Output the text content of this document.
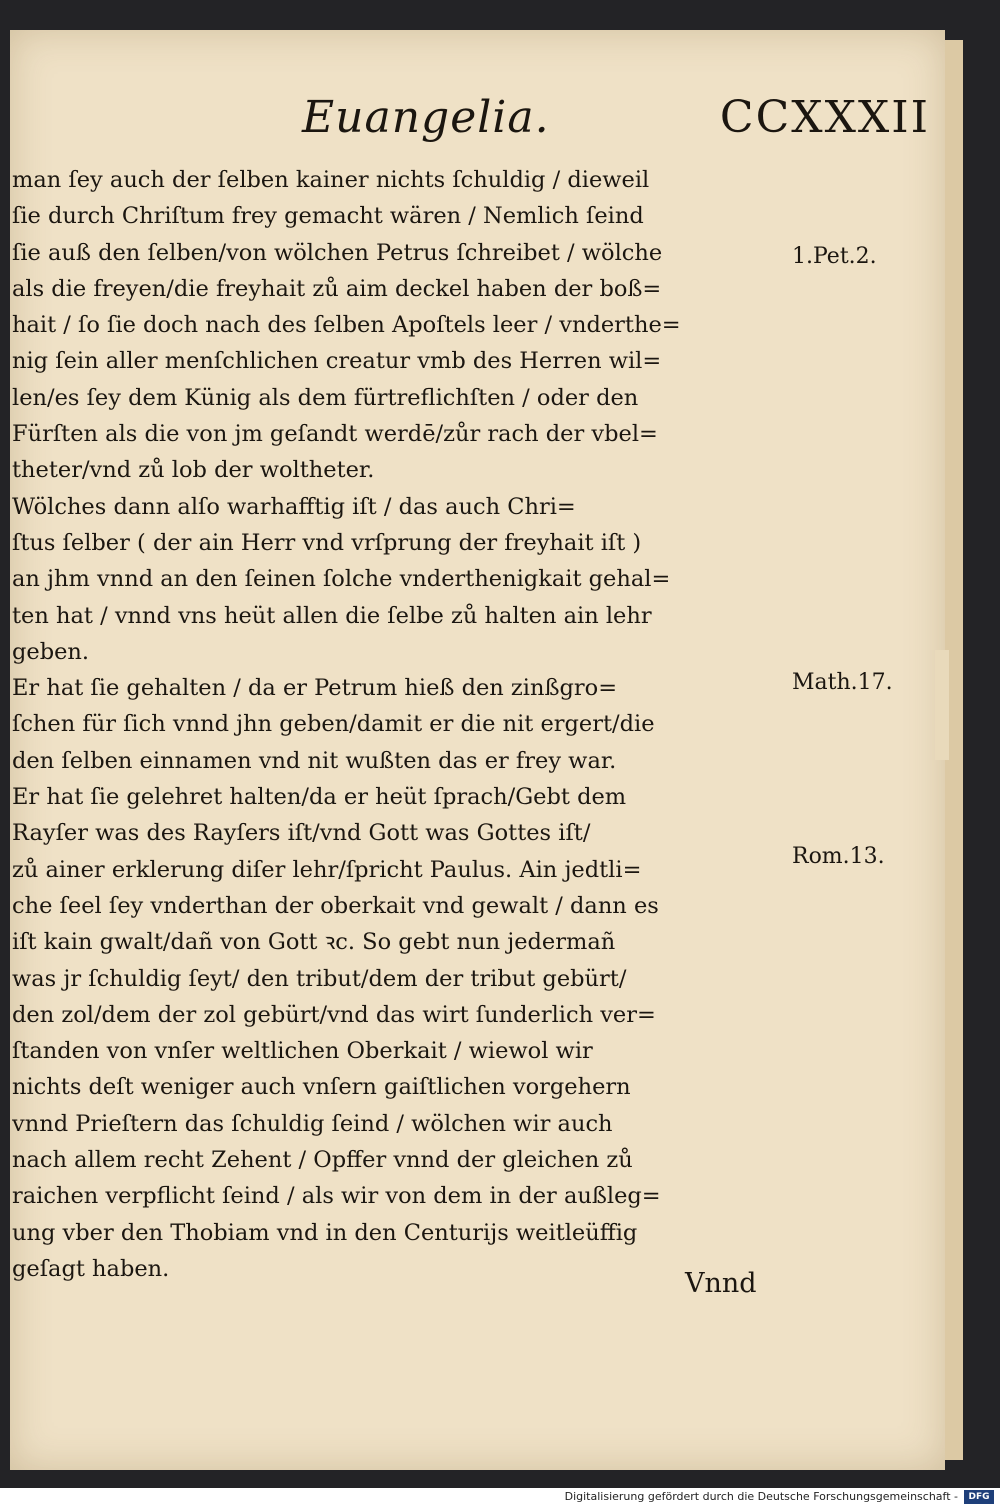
Euangelia.	CCXXXII
man ſey auch der ſelben kainer nichts ſchuldig / dieweil
ſie durch Chriſtum frey gemacht wären / Nemlich ſeind
ſie auß den ſelben/von wölchen Petrus ſchreibet / wölche
als die freyen/die freyhait zů aim deckel haben der boß=
hait / ſo ſie doch nach des ſelben Apoſtels leer / vnderthe=
nig ſein aller menſchlichen creatur vmb des Herren wil=
len/es ſey dem Künig als dem fürtreflichſten / oder den
Fürſten als die von jm geſandt werdē/zůr rach der vbel=
theter/vnd zů lob der woltheter.
Wölches dann alſo warhafftig iſt / das auch Chri=
ſtus ſelber ( der ain Herr vnd vrſprung der freyhait iſt )
an jhm vnnd an den ſeinen ſolche vnderthenigkait gehal=
ten hat / vnnd vns heüt allen die ſelbe zů halten ain lehr
geben.
Er hat ſie gehalten / da er Petrum hieß den zinßgro=
ſchen für ſich vnnd jhn geben/damit er die nit ergert/die
den ſelben einnamen vnd nit wußten das er frey war.
Er hat ſie gelehret halten/da er heüt ſprach/Gebt dem
Rayſer was des Rayſers iſt/vnd Gott was Gottes iſt/
zů ainer erklerung diſer lehr/ſpricht Paulus. Ain jedtli=
che ſeel ſey vnderthan der oberkait vnd gewalt / dann es
iſt kain gwalt/dañ von Gott ꝛc. So gebt nun jedermañ
was jr ſchuldig ſeyt/ den tribut/dem der tribut gebürt/
den zol/dem der zol gebürt/vnd das wirt ſunderlich ver=
ſtanden von vnſer weltlichen Oberkait / wiewol wir
nichts deſt weniger auch vnſern gaiſtlichen vorgehern
vnnd Prieſtern das ſchuldig ſeind / wölchen wir auch
nach allem recht Zehent / Opffer vnnd der gleichen zů
raichen verpflicht ſeind / als wir von dem in der außleg=
ung vber den Thobiam vnd in den Centurijs weitleüffig
geſagt haben.
1.Pet.2.
Math.17.
Rom.13.
Vnnd
Digitalisierung gefördert durch die Deutsche Forschungsgemeinschaft -	DFG
